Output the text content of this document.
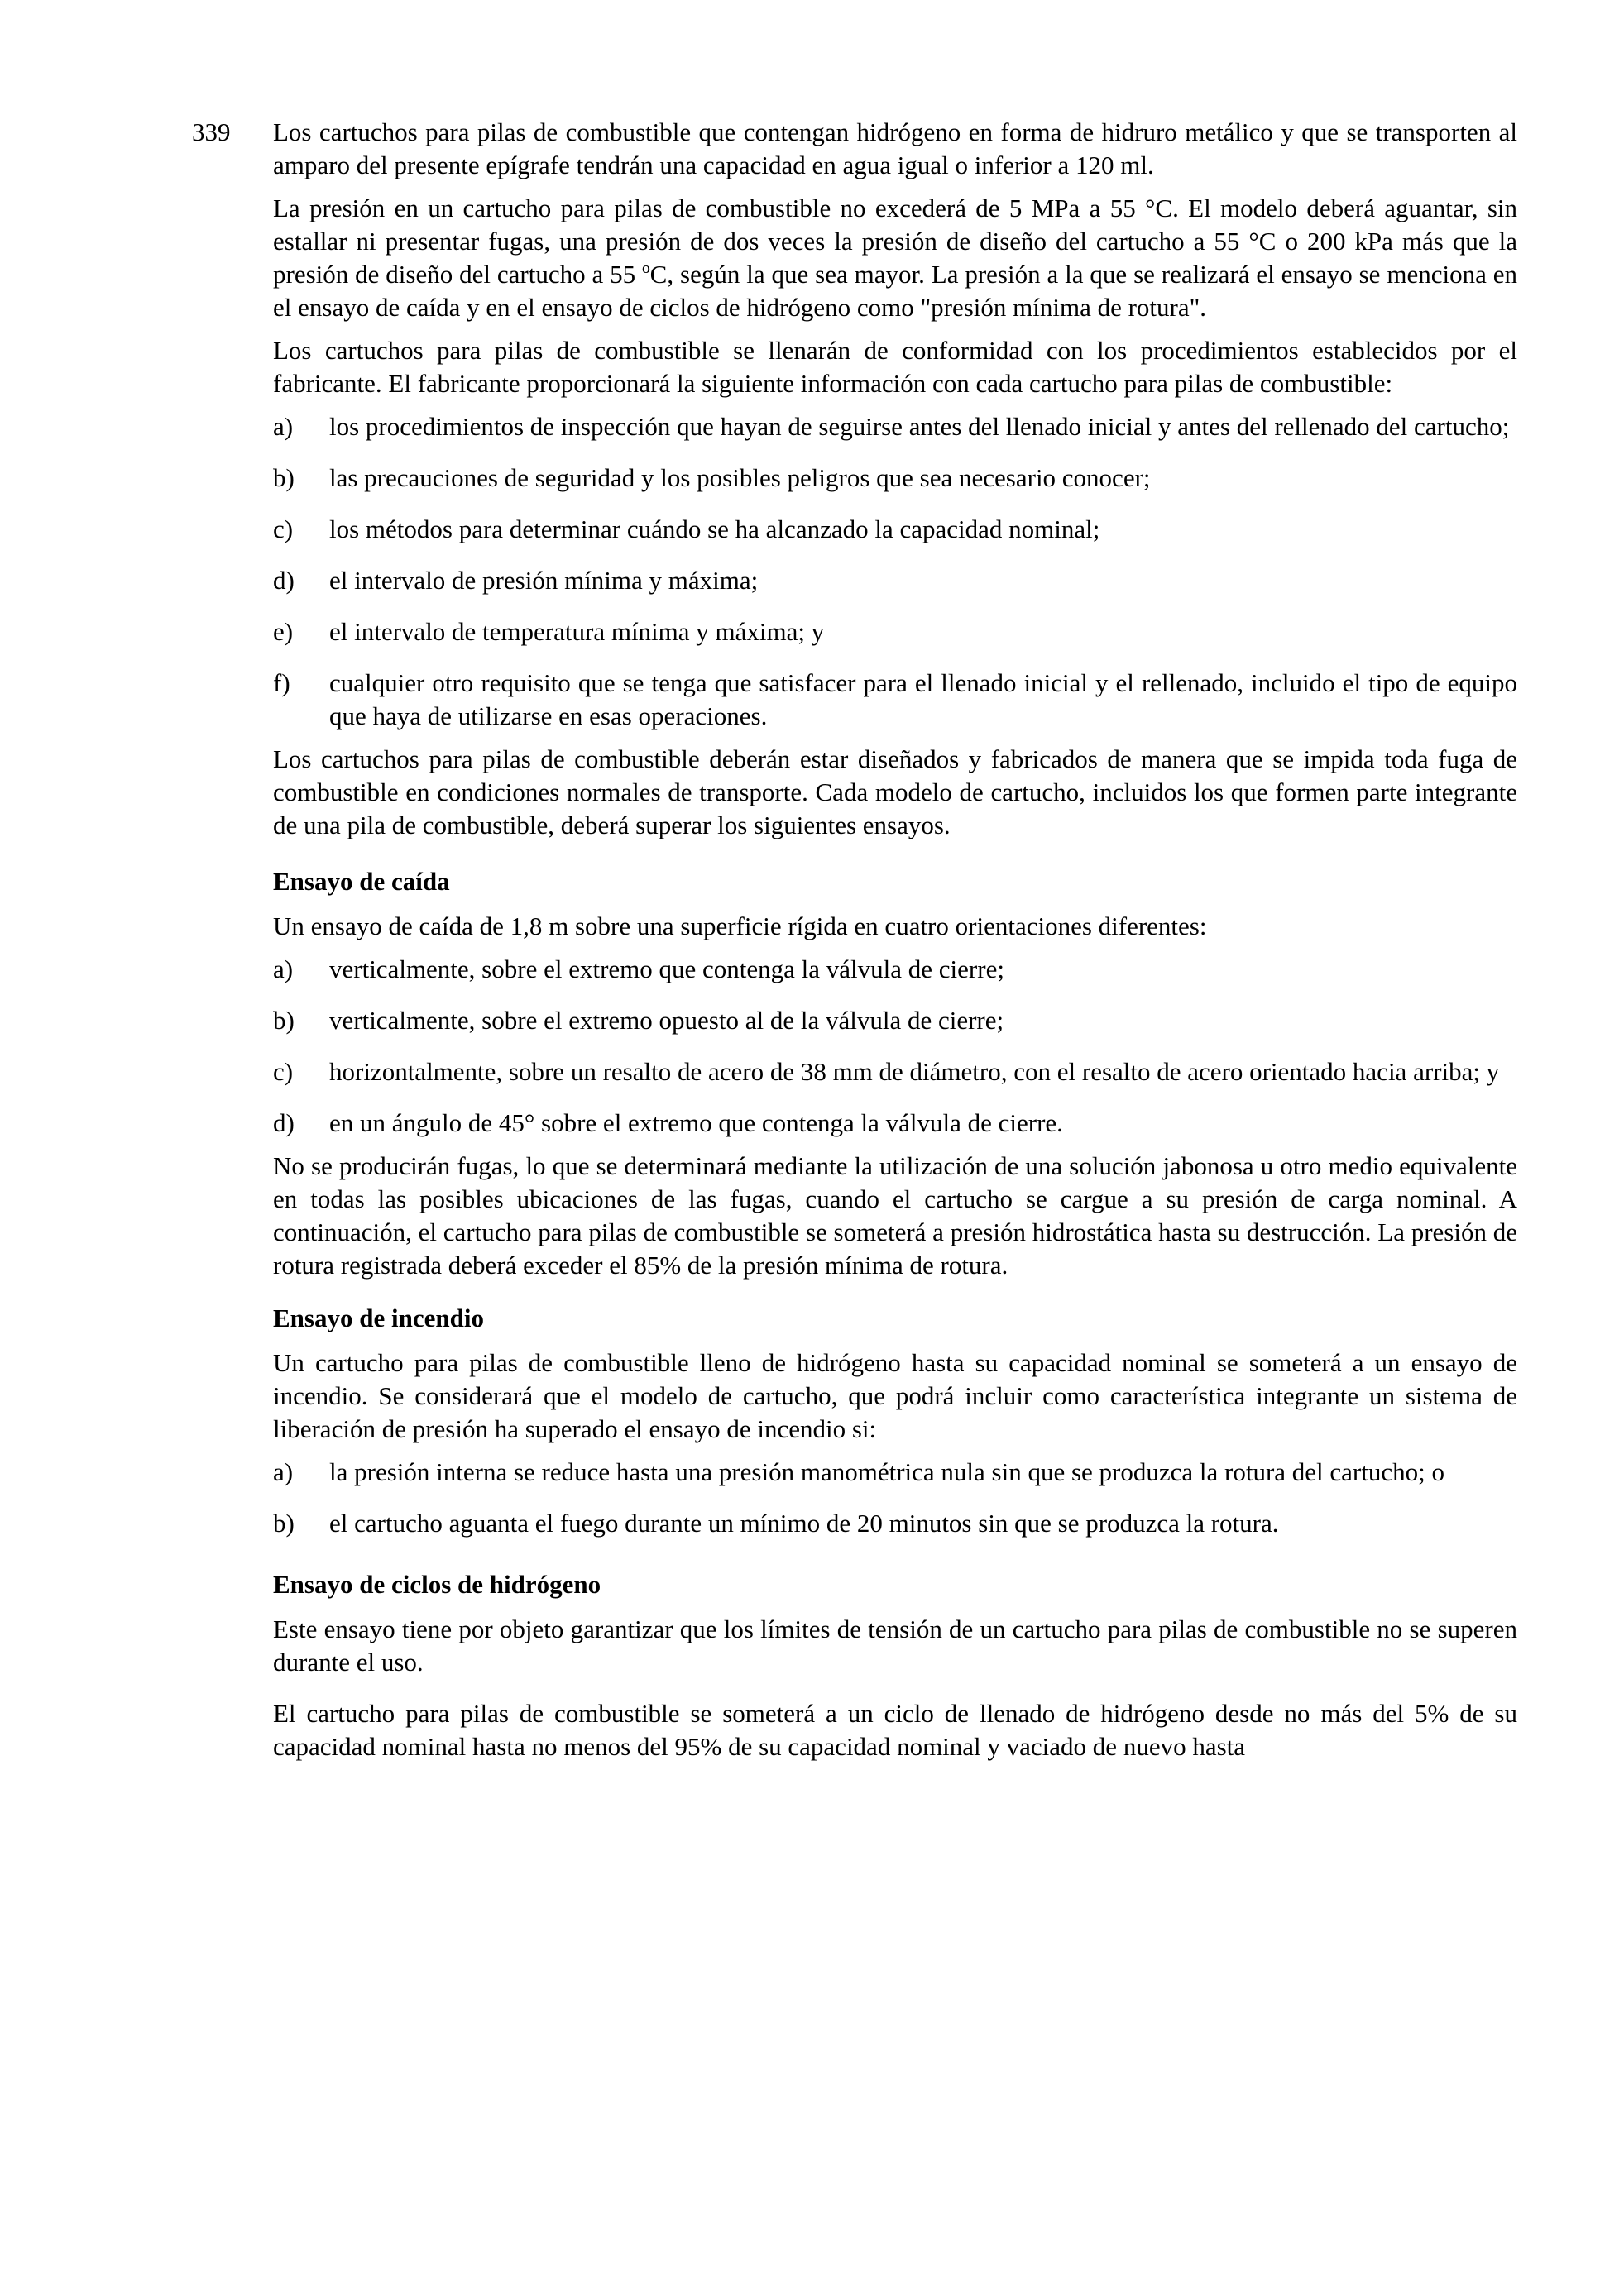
339 Los cartuchos para pilas de combustible que contengan hidrógeno en forma de hidruro metálico y que se transporten al amparo del presente epígrafe tendrán una capacidad en agua igual o inferior a 120 ml.

La presión en un cartucho para pilas de combustible no excederá de 5 MPa a 55 °C. El modelo deberá aguantar, sin estallar ni presentar fugas, una presión de dos veces la presión de diseño del cartucho a 55 °C o 200 kPa más que la presión de diseño del cartucho a 55 ºC, según la que sea mayor. La presión a la que se realizará el ensayo se menciona en el ensayo de caída y en el ensayo de ciclos de hidrógeno como "presión mínima de rotura".

Los cartuchos para pilas de combustible se llenarán de conformidad con los procedimientos establecidos por el fabricante. El fabricante proporcionará la siguiente información con cada cartucho para pilas de combustible:

a)	los procedimientos de inspección que hayan de seguirse antes del llenado inicial y antes del rellenado del cartucho;
b)	las precauciones de seguridad y los posibles peligros que sea necesario conocer;
c)	los métodos para determinar cuándo se ha alcanzado la capacidad nominal;
d)	el intervalo de presión mínima y máxima;
e)	el intervalo de temperatura mínima y máxima; y
f)	cualquier otro requisito que se tenga que satisfacer para el llenado inicial y el rellenado, incluido el tipo de equipo que haya de utilizarse en esas operaciones.

Los cartuchos para pilas de combustible deberán estar diseñados y fabricados de manera que se impida toda fuga de combustible en condiciones normales de transporte. Cada modelo de cartucho, incluidos los que formen parte integrante de una pila de combustible, deberá superar los siguientes ensayos.

Ensayo de caída

Un ensayo de caída de 1,8 m sobre una superficie rígida en cuatro orientaciones diferentes:

a)	verticalmente, sobre el extremo que contenga la válvula de cierre;
b)	verticalmente, sobre el extremo opuesto al de la válvula de cierre;
c)	horizontalmente, sobre un resalto de acero de 38 mm de diámetro, con el resalto de acero orientado hacia arriba; y
d)	en un ángulo de 45° sobre el extremo que contenga la válvula de cierre.

No se producirán fugas, lo que se determinará mediante la utilización de una solución jabonosa u otro medio equivalente en todas las posibles ubicaciones de las fugas, cuando el cartucho se cargue a su presión de carga nominal. A continuación, el cartucho para pilas de combustible se someterá a presión hidrostática hasta su destrucción. La presión de rotura registrada deberá exceder el 85% de la presión mínima de rotura.

Ensayo de incendio

Un cartucho para pilas de combustible lleno de hidrógeno hasta su capacidad nominal se someterá a un ensayo de incendio. Se considerará que el modelo de cartucho, que podrá incluir como característica integrante un sistema de liberación de presión ha superado el ensayo de incendio si:

a)	la presión interna se reduce hasta una presión manométrica nula sin que se produzca la rotura del cartucho; o
b)	el cartucho aguanta el fuego durante un mínimo de 20 minutos sin que se produzca la rotura.
Ensayo de ciclos de hidrógeno

Este ensayo tiene por objeto garantizar que los límites de tensión de un cartucho para pilas de combustible no se superen durante el uso.

El cartucho para pilas de combustible se someterá a un ciclo de llenado de hidrógeno desde no más del 5% de su capacidad nominal hasta no menos del 95% de su capacidad nominal y vaciado de nuevo hasta
